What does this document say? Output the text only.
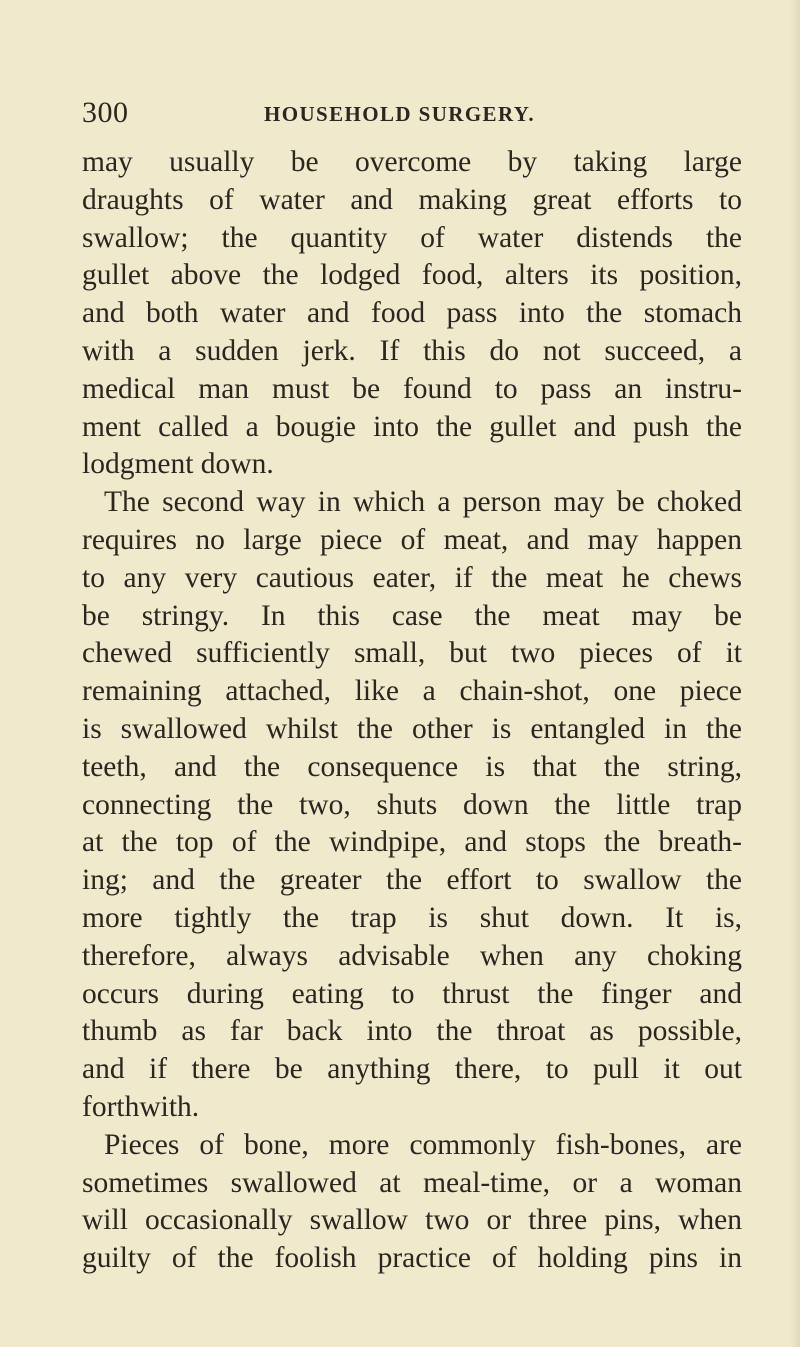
300	HOUSEHOLD SURGERY.
may usually be overcome by taking large
draughts of water and making great efforts to
swallow; the quantity of water distends the
gullet above the lodged food, alters its position,
and both water and food pass into the stomach
with a sudden jerk. If this do not succeed, a
medical man must be found to pass an instru-
ment called a bougie into the gullet and push the
lodgment down.
The second way in which a person may be choked
requires no large piece of meat, and may happen
to any very cautious eater, if the meat he chews
be stringy. In this case the meat may be
chewed sufficiently small, but two pieces of it
remaining attached, like a chain-shot, one piece
is swallowed whilst the other is entangled in the
teeth, and the consequence is that the string,
connecting the two, shuts down the little trap
at the top of the windpipe, and stops the breath-
ing; and the greater the effort to swallow the
more tightly the trap is shut down. It is,
therefore, always advisable when any choking
occurs during eating to thrust the finger and
thumb as far back into the throat as possible,
and if there be anything there, to pull it out
forthwith.
Pieces of bone, more commonly fish-bones, are
sometimes swallowed at meal-time, or a woman
will occasionally swallow two or three pins, when
guilty of the foolish practice of holding pins in
